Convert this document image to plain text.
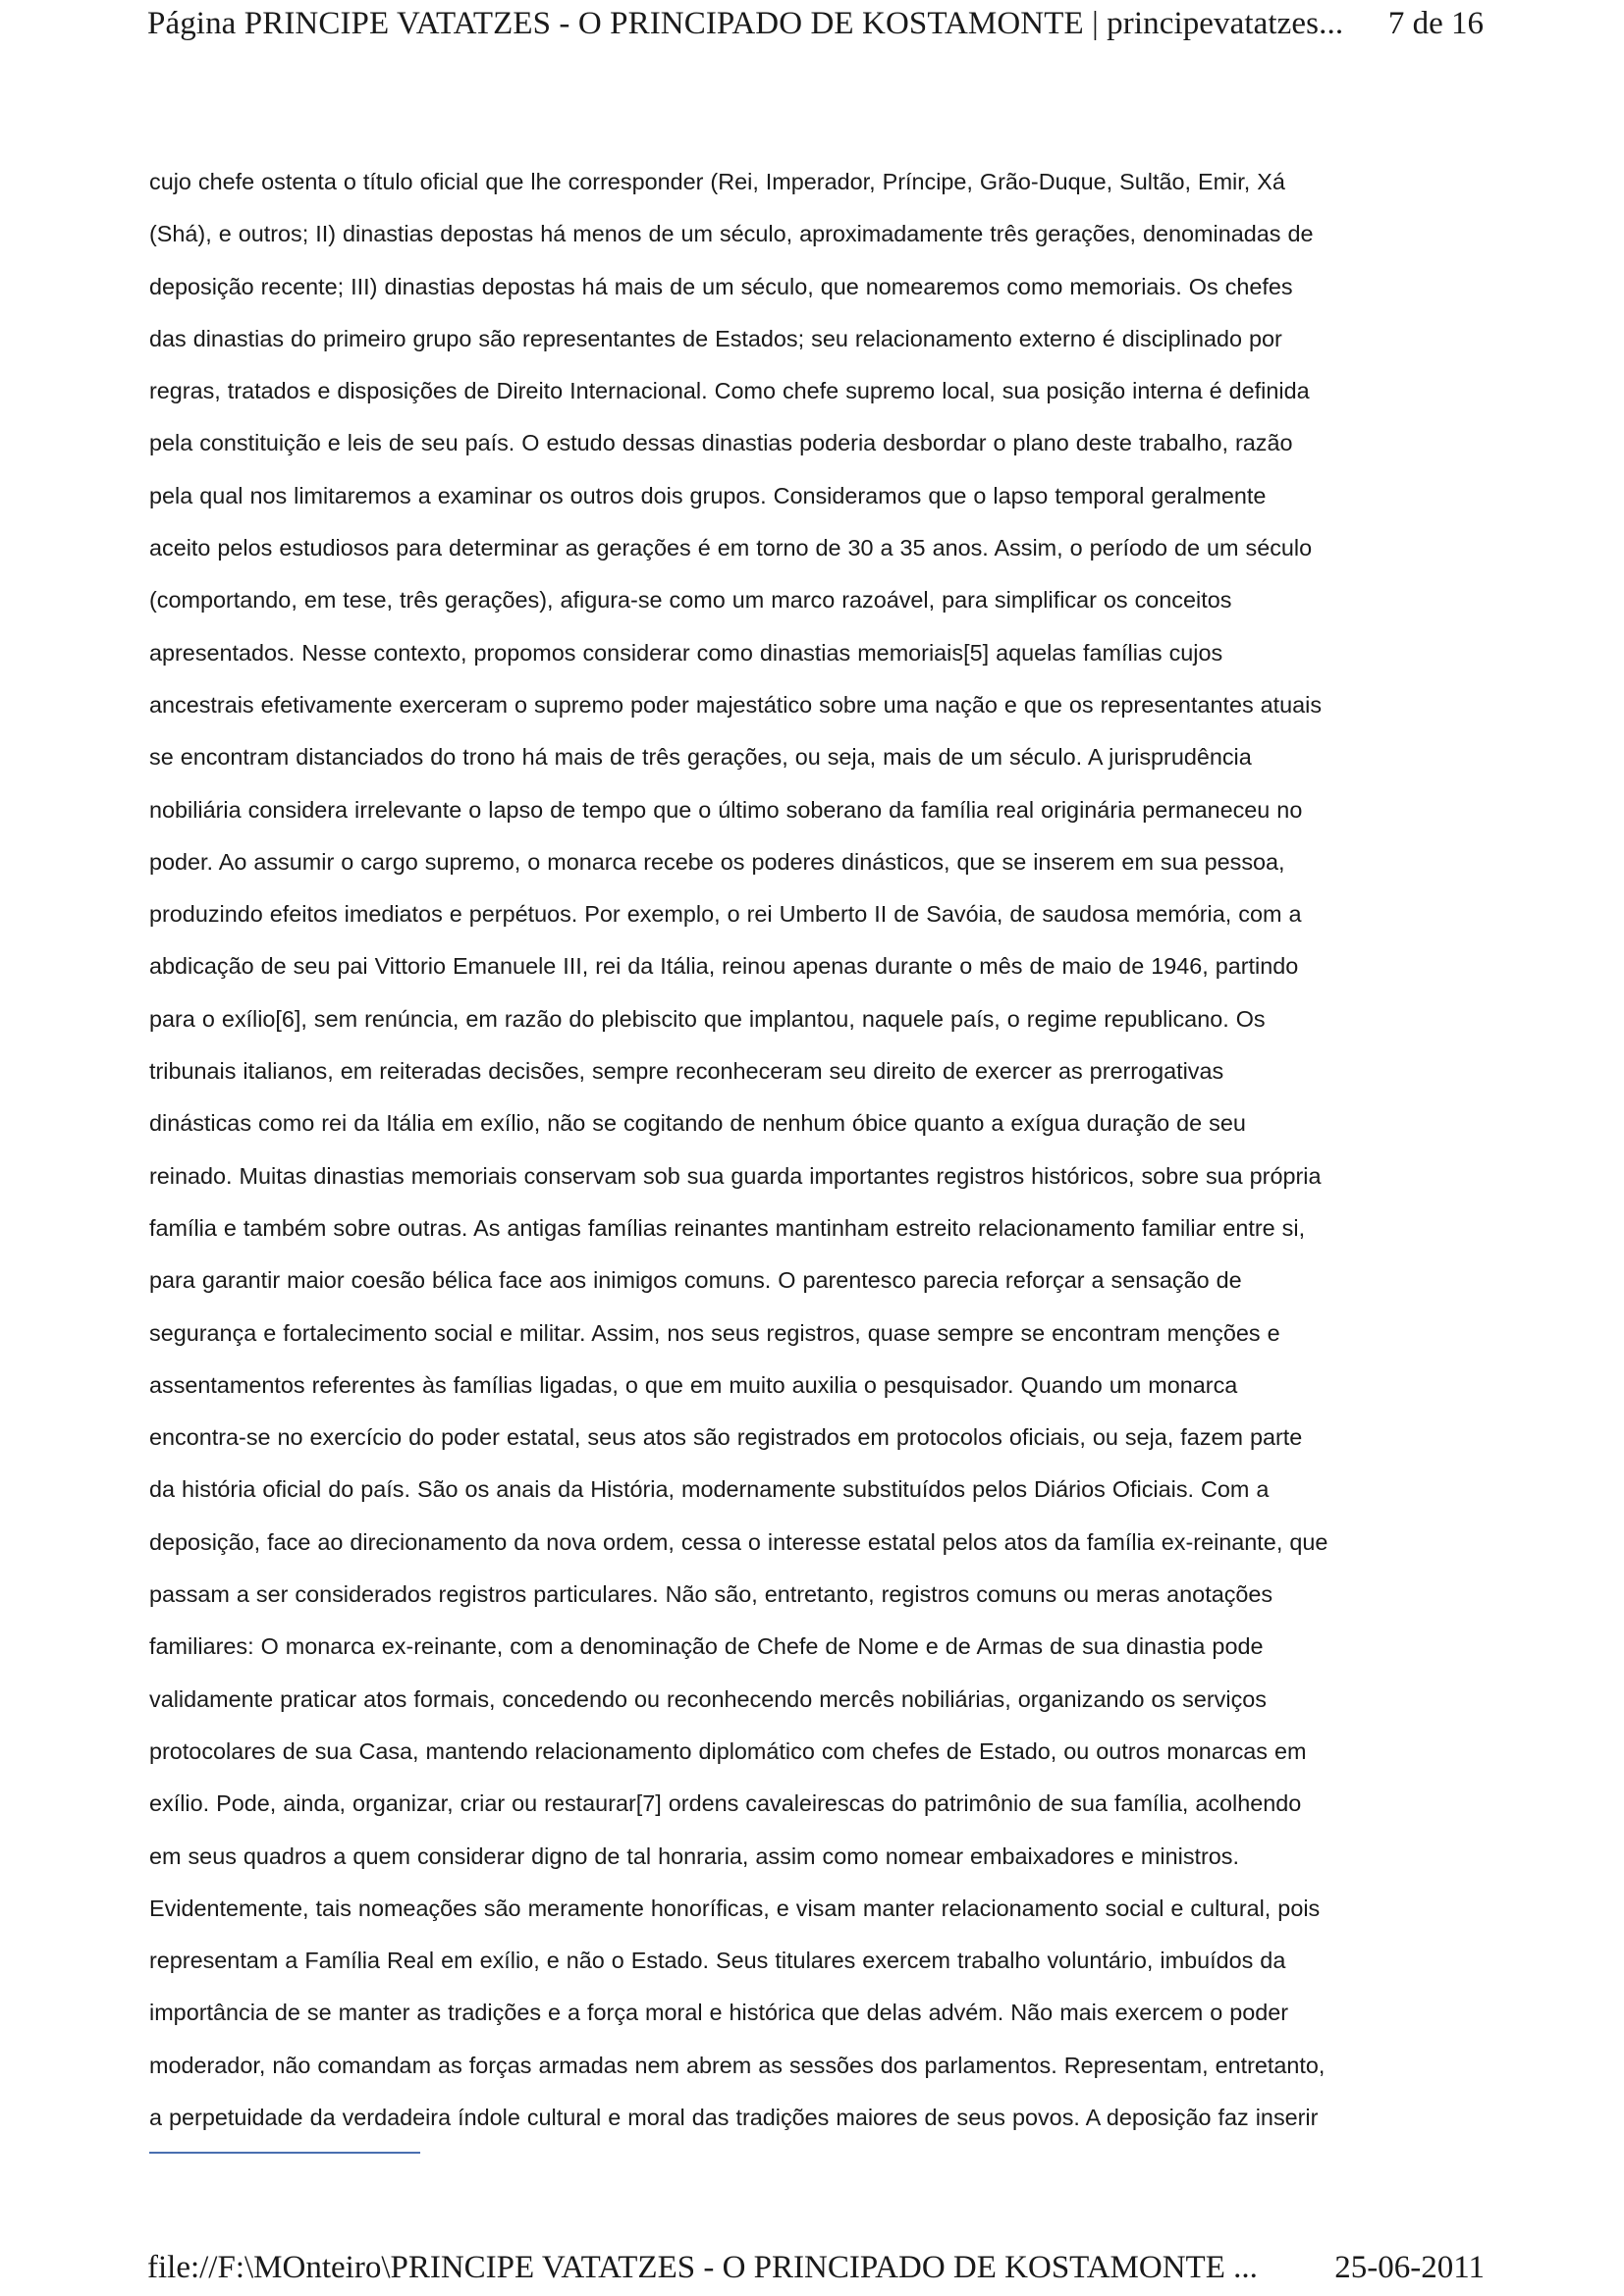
Página PRINCIPE VATATZES - O PRINCIPADO DE KOSTAMONTE | principevatatzes... 7 de 16
cujo chefe ostenta o título oficial que lhe corresponder (Rei, Imperador, Príncipe, Grão-Duque, Sultão, Emir, Xá
(Shá), e outros; II) dinastias depostas há menos de um século, aproximadamente três gerações, denominadas de
deposição recente; III) dinastias depostas há mais de um século, que nomearemos como memoriais. Os chefes
das dinastias do primeiro grupo são representantes de Estados; seu relacionamento externo é disciplinado por
regras, tratados e disposições de Direito Internacional. Como chefe supremo local, sua posição interna é definida
pela constituição e leis de seu país. O estudo dessas dinastias poderia desbordar o plano deste trabalho, razão
pela qual nos limitaremos a examinar os outros dois grupos. Consideramos que o lapso temporal geralmente
aceito pelos estudiosos para determinar as gerações é em torno de 30 a 35 anos. Assim, o período de um século
(comportando, em tese, três gerações), afigura-se como um marco razoável, para simplificar os conceitos
apresentados. Nesse contexto, propomos considerar como dinastias memoriais[5] aquelas famílias cujos
ancestrais efetivamente exerceram o supremo poder majestático sobre uma nação e que os representantes atuais
se encontram distanciados do trono há mais de três gerações, ou seja, mais de um século. A jurisprudência
nobiliária considera irrelevante o lapso de tempo que o último soberano da família real originária permaneceu no
poder. Ao assumir o cargo supremo, o monarca recebe os poderes dinásticos, que se inserem em sua pessoa,
produzindo efeitos imediatos e perpétuos. Por exemplo, o rei Umberto II de Savóia, de saudosa memória, com a
abdicação de seu pai Vittorio Emanuele III, rei da Itália, reinou apenas durante o mês de maio de 1946, partindo
para o exílio[6], sem renúncia, em razão do plebiscito que implantou, naquele país, o regime republicano. Os
tribunais italianos, em reiteradas decisões, sempre reconheceram seu direito de exercer as prerrogativas
dinásticas como rei da Itália em exílio, não se cogitando de nenhum óbice quanto a exígua duração de seu
reinado. Muitas dinastias memoriais conservam sob sua guarda importantes registros históricos, sobre sua própria
família e também sobre outras. As antigas famílias reinantes mantinham estreito relacionamento familiar entre si,
para garantir maior coesão bélica face aos inimigos comuns. O parentesco parecia reforçar a sensação de
segurança e fortalecimento social e militar. Assim, nos seus registros, quase sempre se encontram menções e
assentamentos referentes às famílias ligadas, o que em muito auxilia o pesquisador. Quando um monarca
encontra-se no exercício do poder estatal, seus atos são registrados em protocolos oficiais, ou seja, fazem parte
da história oficial do país. São os anais da História, modernamente substituídos pelos Diários Oficiais. Com a
deposição, face ao direcionamento da nova ordem, cessa o interesse estatal pelos atos da família ex-reinante, que
passam a ser considerados registros particulares. Não são, entretanto, registros comuns ou meras anotações
familiares: O monarca ex-reinante, com a denominação de Chefe de Nome e de Armas de sua dinastia pode
validamente praticar atos formais, concedendo ou reconhecendo mercês nobiliárias, organizando os serviços
protocolares de sua Casa, mantendo relacionamento diplomático com chefes de Estado, ou outros monarcas em
exílio. Pode, ainda, organizar, criar ou restaurar[7] ordens cavaleirescas do patrimônio de sua família, acolhendo
em seus quadros a quem considerar digno de tal honraria, assim como nomear embaixadores e ministros.
Evidentemente, tais nomeações são meramente honoríficas, e visam manter relacionamento social e cultural, pois
representam a Família Real em exílio, e não o Estado. Seus titulares exercem trabalho voluntário, imbuídos da
importância de se manter as tradições e a força moral e histórica que delas advém. Não mais exercem o poder
moderador, não comandam as forças armadas nem abrem as sessões dos parlamentos. Representam, entretanto,
a perpetuidade da verdadeira índole cultural e moral das tradições maiores de seus povos. A deposição faz inserir
file://F:\MOnteiro\PRINCIPE VATATZES - O PRINCIPADO DE KOSTAMONTE ... 25-06-2011
